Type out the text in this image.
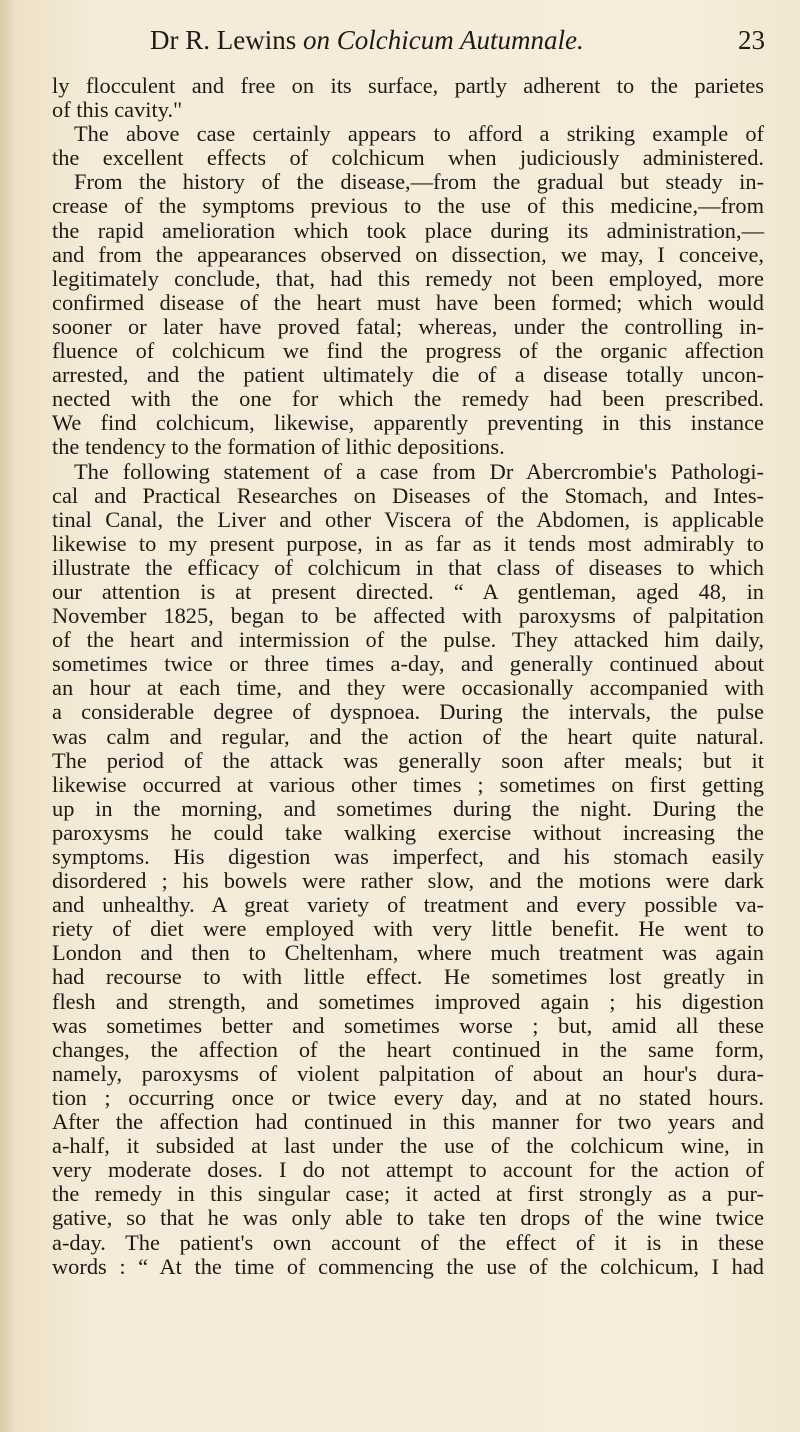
Dr R. Lewins on Colchicum Autumnale.	23
ly flocculent and free on its surface, partly adherent to the parietes
of this cavity."
The above case certainly appears to afford a striking example of
the excellent effects of colchicum when judiciously administered.
From the history of the disease,—from the gradual but steady in-
crease of the symptoms previous to the use of this medicine,—from
the rapid amelioration which took place during its administration,—
and from the appearances observed on dissection, we may, I conceive,
legitimately conclude, that, had this remedy not been employed, more
confirmed disease of the heart must have been formed; which would
sooner or later have proved fatal; whereas, under the controlling in-
fluence of colchicum we find the progress of the organic affection
arrested, and the patient ultimately die of a disease totally uncon-
nected with the one for which the remedy had been prescribed.
We find colchicum, likewise, apparently preventing in this instance
the tendency to the formation of lithic depositions.
The following statement of a case from Dr Abercrombie's Pathologi-
cal and Practical Researches on Diseases of the Stomach, and Intes-
tinal Canal, the Liver and other Viscera of the Abdomen, is applicable
likewise to my present purpose, in as far as it tends most admirably to
illustrate the efficacy of colchicum in that class of diseases to which
our attention is at present directed. “ A gentleman, aged 48, in
November 1825, began to be affected with paroxysms of palpitation
of the heart and intermission of the pulse. They attacked him daily,
sometimes twice or three times a-day, and generally continued about
an hour at each time, and they were occasionally accompanied with
a considerable degree of dyspnoea. During the intervals, the pulse
was calm and regular, and the action of the heart quite natural.
The period of the attack was generally soon after meals; but it
likewise occurred at various other times ; sometimes on first getting
up in the morning, and sometimes during the night. During the
paroxysms he could take walking exercise without increasing the
symptoms. His digestion was imperfect, and his stomach easily
disordered ; his bowels were rather slow, and the motions were dark
and unhealthy. A great variety of treatment and every possible va-
riety of diet were employed with very little benefit. He went to
London and then to Cheltenham, where much treatment was again
had recourse to with little effect. He sometimes lost greatly in
flesh and strength, and sometimes improved again ; his digestion
was sometimes better and sometimes worse ; but, amid all these
changes, the affection of the heart continued in the same form,
namely, paroxysms of violent palpitation of about an hour's dura-
tion ; occurring once or twice every day, and at no stated hours.
After the affection had continued in this manner for two years and
a-half, it subsided at last under the use of the colchicum wine, in
very moderate doses. I do not attempt to account for the action of
the remedy in this singular case; it acted at first strongly as a pur-
gative, so that he was only able to take ten drops of the wine twice
a-day. The patient's own account of the effect of it is in these
words : “ At the time of commencing the use of the colchicum, I had
